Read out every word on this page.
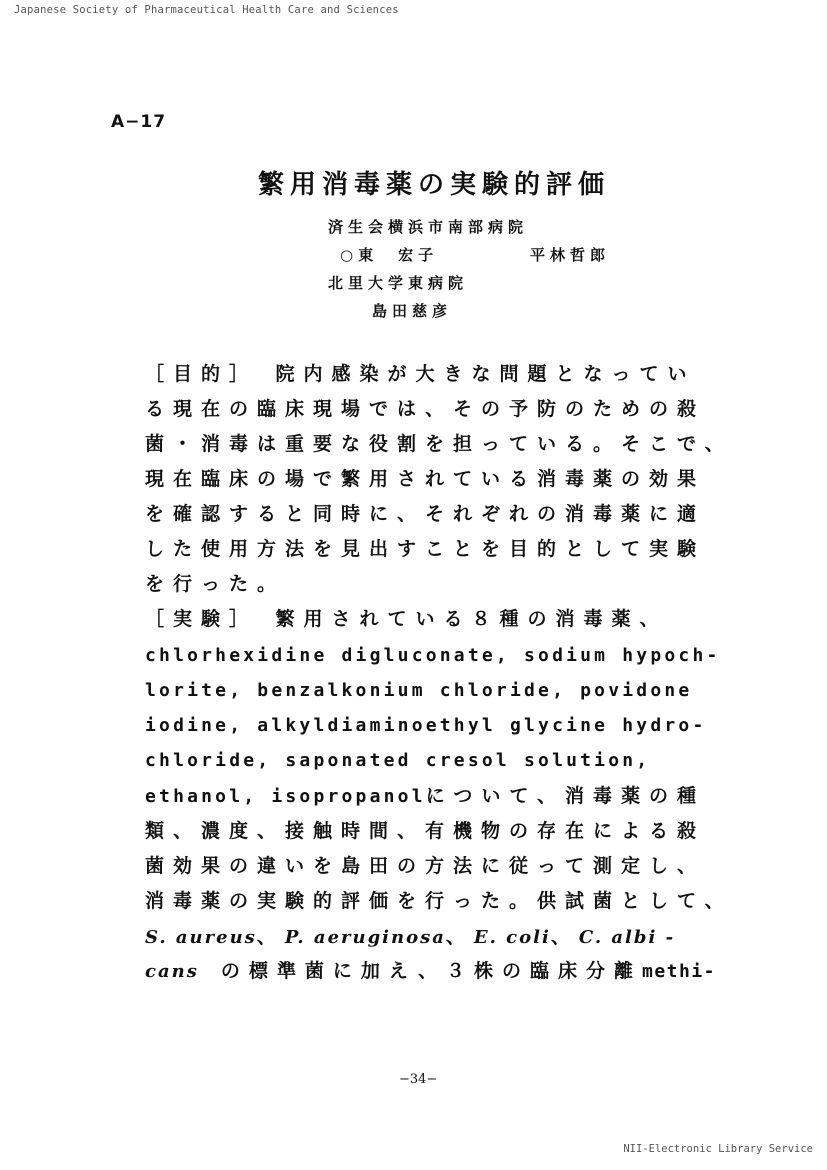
Japanese Society of Pharmaceutical Health Care and Sciences
A−17
繁用消毒薬の実験的評価
済生会横浜市南部病院
○東　宏子	平林哲郎
北里大学東病院
島田慈彦
［目的］　院内感染が大きな問題となってい
る現在の臨床現場では、その予防のための殺
菌・消毒は重要な役割を担っている。そこで、
現在臨床の場で繁用されている消毒薬の効果
を確認すると同時に、それぞれの消毒薬に適
した使用方法を見出すことを目的として実験
を行った。
［実験］　繁用されている８種の消毒薬、
chlorhexidine digluconate, sodium hypoch-
lorite, benzalkonium chloride, povidone
iodine, alkyldiaminoethyl glycine hydro-
chloride, saponated cresol solution,
ethanol, isopropanolについて、消毒薬の種
類、濃度、接触時間、有機物の存在による殺
菌効果の違いを島田の方法に従って測定し、
消毒薬の実験的評価を行った。供試菌として、
S. aureus、P. aeruginosa、E. coli、C. albi -
cans の標準菌に加え、３株の臨床分離methi-
−34−
NII-Electronic Library Service
